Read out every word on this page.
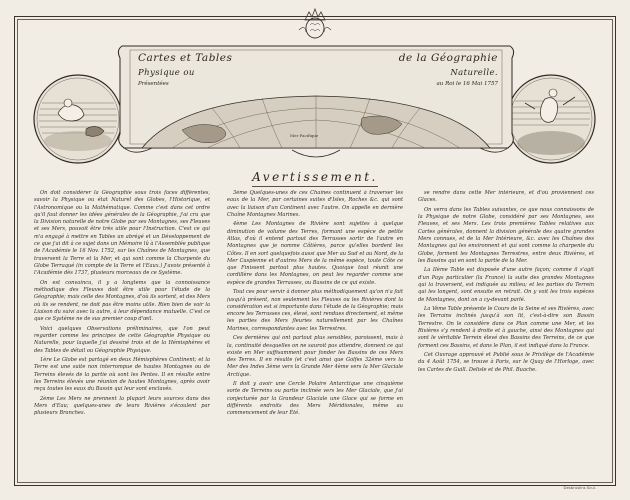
Cartes et Tables	de la Géographie
Physique ou	Naturelle.
Présentées	au Roi le 16 Mai 1757
Mer Pacifique
Avertissement.

On doit considérer la Géographie sous trois faces différentes, savoir la Physique ou état Naturel des Globes, l'Historique, et l'Astronomique ou la Mathématique. Comme c'est dans cet ordre qu'il faut donner les idées générales de la Géographie, j'ai cru que la Division naturelle de notre Globe par ses Montagnes, ses Fleuves et ses Mers, pouvoit être très utile pour l'Instruction. C'est ce qui m'a engagé à mettre en Tables un abrégé et un Développement de ce que j'ai dit à ce sujet dans un Mémoire lû à l'Assemblée publique de l'Académie le 16 Nov. 1752, sur les Chaînes de Montagnes, que traversent la Terre et la Mer, et qui sont comme la Charpente du Globe Terraqué (in compte de la Terre et l'Eaux.) J'avois présenté à l'Académie dès 1737, plusieurs morceaux de ce Système.

On est convaincu, il y a longtems que la connoissance méthodique des Fleuves doit être utile pour l'étude de la Géographie; mais celle des Montagnes, d'où ils sortent, et des Mers où ils se rendent, ne doit pas être moins utile. Rien bien de voir la Liaison du suivi avec la autre, à leur dépendance mutuelle. C'est ce que ce Système ne de sus premier coup d'œil.

Voici quelques Observations préliminaires, que l'on peut regarder comme les principes de cette Géographie Physique ou Naturelle, pour laquelle j'ai dessiné trois et de la Hémisphères et des Tables de détail ou Géographie Physique.

1ère Le Globe est partagé en deux Hémisphères Continent; et la Terre est une suite non interrompue de hautes Montagnes ou de Terreins élevés de la partie où sont les Pentes. Il en résulte entre les Terreins élevés une réunion de hautes Montagnes, après avoir reçu toutes les eaux du Bassin qui leur sont enclavés.

2ème Les Mers ne prennent la plupart leurs sources dans des Mers d'Eau; quelques-unes de leurs Rivières s'écoulent par plusieurs Branches.

3ème Quelques-unes de ces Chaînes continuent à traverser les eaux de la Mer, par certaines suites d'Isles, Roches &c. qui sont avec la liaison d'un Continent avec l'autre. On appelle en dernière Chaîne Montagnes Marines.

4ème Les Montagnes de Rivière sont sujettes à quelque diminution de volume des Terres, formant une espèce de petite Atlas, d'où il entend partout des Terrasses sortir de l'autre en Montagnes que je nomme Côtières, parce qu'elles bordent les Côtes. Il en sort quelquefois aussi que Mer au Sud et au Nord, de la Mer Caspienne et d'autres Mers de la même espèce, toute Côte ce que Finissent partout plus hautes. Quoique tout réunit une cordillère dans les Montagnes, on peut les regarder comme une espèce de grandes Terrasses, ou Bassins de ce qui existe.

Tout ces pour servir à donner plus méthodiquement qu'on n'a fait jusqu'à présent, non seulement les Fleuves ou les Rivières dont la considération est si importante dans l'étude de la Géographie; mais encore les Terrasses ces, élevé, sont rendues directement, et même les parties des Mers fleuries naturellement par les Chaînes Marines, correspondantes avec les Terrestres.

Ces dernières qui ont partout plus sensibles, paroissent, mais à la, continuité desquelles on ne sauroit pas attendre, donnent ce qui existe en Mer suffisamment pour fonder les Bassins de ces Mers des Terres. Il en résulte (et c'est ainsi que Golfes 32ème vers la Mer des Indes 3ème vers la Grande Mer 4ème vers la Mer Glaciale Arctique.

Il doit y avoir une Cercle Polaire Antarctique une cinquième sorte de Terreins ou partie inclinée vers les Mer Glaciale, que j'ai conjecturée par la Grandeur Glaciale une Glace qui se forme en différents endroits des Mers Méridionales, même au commencement de leur Été.

se rendre dans cette Mer intérieure, et d'où proviennent ces Glaces.

On verra dans les Tables suivantes, ce que nous connaissons de la Physique de notre Globe, considéré par ses Montagnes, ses Fleuves, et ses Mers. Les trois premières Tables relatives aux Cartes générales, donnent la division générale des quatre grandes Mers connues, et de la Mer Intérieure, &c. avec les Chaînes des Montagnes qui les environnent et qui sont comme la charpente du Globe, forment les Montagnes Terrestres, entre deux Rivières, et les Bassins qui en sont la partie de la Mer.

La IIème Table est disposée d'une autre façon; comme il s'agit d'un Pays particulier (la France) la suite des grandes Montagnes qui la traversent, est indiquée au milieu; et les parties du Terrein qui les longent, sont ensuite en retrait. On y voit les trois espèces de Montagnes, dont on a cy-devant parlé.

La Vème Table présente le Cours de la Seine et ses Rivières, avec les Terrains inclinés jusqu'à son lit, c'est-à-dire son Bassin Terrestre. On le considère dans ce Plan comme une Mer, et les Rivières s'y rendent à droite et à gauche, ainsi des Montagnes qui sont le véritable Terrein élevé des Bassins des Terreins, de ce que forment ces Bassins, et dans le Plan, il est indiqué dans la France.

Cet Ouvrage approuvé et Publié sous le Privilège de l'Académie du 4 Août 1754, se trouve à Paris, sur le Quay de l'Horloge, avec les Cartes de Guill. Delisle et de Phil. Buache.

Desbruslins Scul.
